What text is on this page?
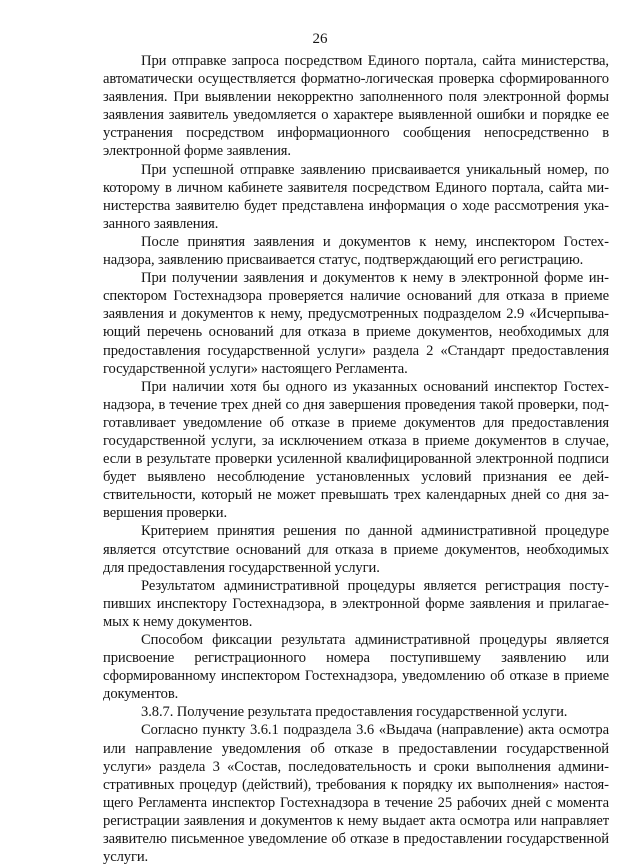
26

При отправке запроса посредством Единого портала, сайта министерства, автоматически осуществляется форматно-логическая проверка сформированного заявления. При выявлении некорректно заполненного поля электронной формы заявления заявитель уведомляется о характере выявленной ошибки и порядке ее устранения посредством информационного сообщения непосредственно в электронной форме заявления.

При успешной отправке заявлению присваивается уникальный номер, по которому в личном кабинете заявителя посредством Единого портала, сайта министерства заявителю будет представлена информация о ходе рассмотрения указанного заявления.

После принятия заявления и документов к нему, инспектором Гостехнадзора, заявлению присваивается статус, подтверждающий его регистрацию.

При получении заявления и документов к нему в электронной форме инспектором Гостехнадзора проверяется наличие оснований для отказа в приеме заявления и документов к нему, предусмотренных подразделом 2.9 «Исчерпывающий перечень оснований для отказа в приеме документов, необходимых для предоставления государственной услуги» раздела 2 «Стандарт предоставления государственной услуги» настоящего Регламента.

При наличии хотя бы одного из указанных оснований инспектор Гостехнадзора, в течение трех дней со дня завершения проведения такой проверки, подготавливает уведомление об отказе в приеме документов для предоставления государственной услуги, за исключением отказа в приеме документов в случае, если в результате проверки усиленной квалифицированной электронной подписи будет выявлено несоблюдение установленных условий признания ее действительности, который не может превышать трех календарных дней со дня завершения проверки.

Критерием принятия решения по данной административной процедуре является отсутствие оснований для отказа в приеме документов, необходимых для предоставления государственной услуги.

Результатом административной процедуры является регистрация поступивших инспектору Гостехнадзора, в электронной форме заявления и прилагаемых к нему документов.

Способом фиксации результата административной процедуры является присвоение регистрационного номера поступившему заявлению или сформированному инспектором Гостехнадзора, уведомлению об отказе в приеме документов.

3.8.7. Получение результата предоставления государственной услуги.

Согласно пункту 3.6.1 подраздела 3.6 «Выдача (направление) акта осмотра или направление уведомления об отказе в предоставлении государственной услуги» раздела 3 «Состав, последовательность и сроки выполнения административных процедур (действий), требования к порядку их выполнения» настоящего Регламента инспектор Гостехнадзора в течение 25 рабочих дней с момента регистрации заявления и документов к нему выдает акта осмотра или направляет заявителю письменное уведомление об отказе в предоставлении государственной услуги.
